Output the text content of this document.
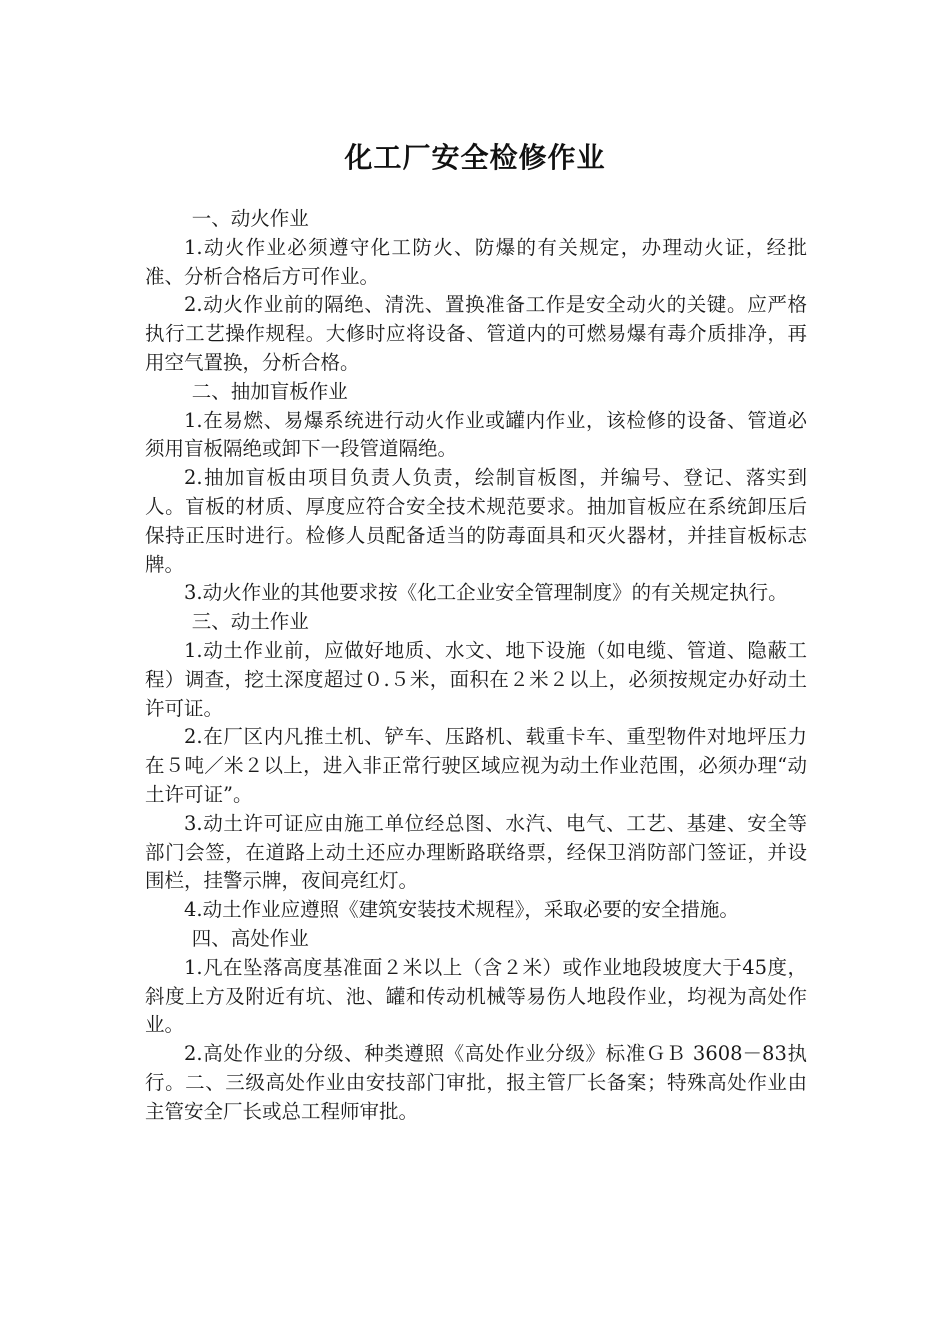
化工厂安全检修作业
一、动火作业
1.动火作业必须遵守化工防火、防爆的有关规定，办理动火证，经批准、分析合格后方可作业。
2.动火作业前的隔绝、清洗、置换准备工作是安全动火的关键。应严格执行工艺操作规程。大修时应将设备、管道内的可燃易爆有毒介质排净，再用空气置换，分析合格。
二、抽加盲板作业
1.在易燃、易爆系统进行动火作业或罐内作业，该检修的设备、管道必须用盲板隔绝或卸下一段管道隔绝。
2.抽加盲板由项目负责人负责，绘制盲板图，并编号、登记、落实到人。盲板的材质、厚度应符合安全技术规范要求。抽加盲板应在系统卸压后保持正压时进行。检修人员配备适当的防毒面具和灭火器材，并挂盲板标志牌。
3.动火作业的其他要求按《化工企业安全管理制度》的有关规定执行。
三、动土作业
1.动土作业前，应做好地质、水文、地下设施（如电缆、管道、隐蔽工程）调查，挖土深度超过０.５米，面积在２米２以上，必须按规定办好动土许可证。
2.在厂区内凡推土机、铲车、压路机、载重卡车、重型物件对地坪压力在５吨／米２以上，进入非正常行驶区域应视为动土作业范围，必须办理“动土许可证”。
3.动土许可证应由施工单位经总图、水汽、电气、工艺、基建、安全等部门会签，在道路上动土还应办理断路联络票，经保卫消防部门签证，并设围栏，挂警示牌，夜间亮红灯。
4.动土作业应遵照《建筑安装技术规程》，采取必要的安全措施。
四、高处作业
1.凡在坠落高度基准面２米以上（含２米）或作业地段坡度大于45度，斜度上方及附近有坑、池、罐和传动机械等易伤人地段作业，均视为高处作业。
2.高处作业的分级、种类遵照《高处作业分级》标准ＧＢ 3608－83执行。二、三级高处作业由安技部门审批，报主管厂长备案；特殊高处作业由主管安全厂长或总工程师审批。
